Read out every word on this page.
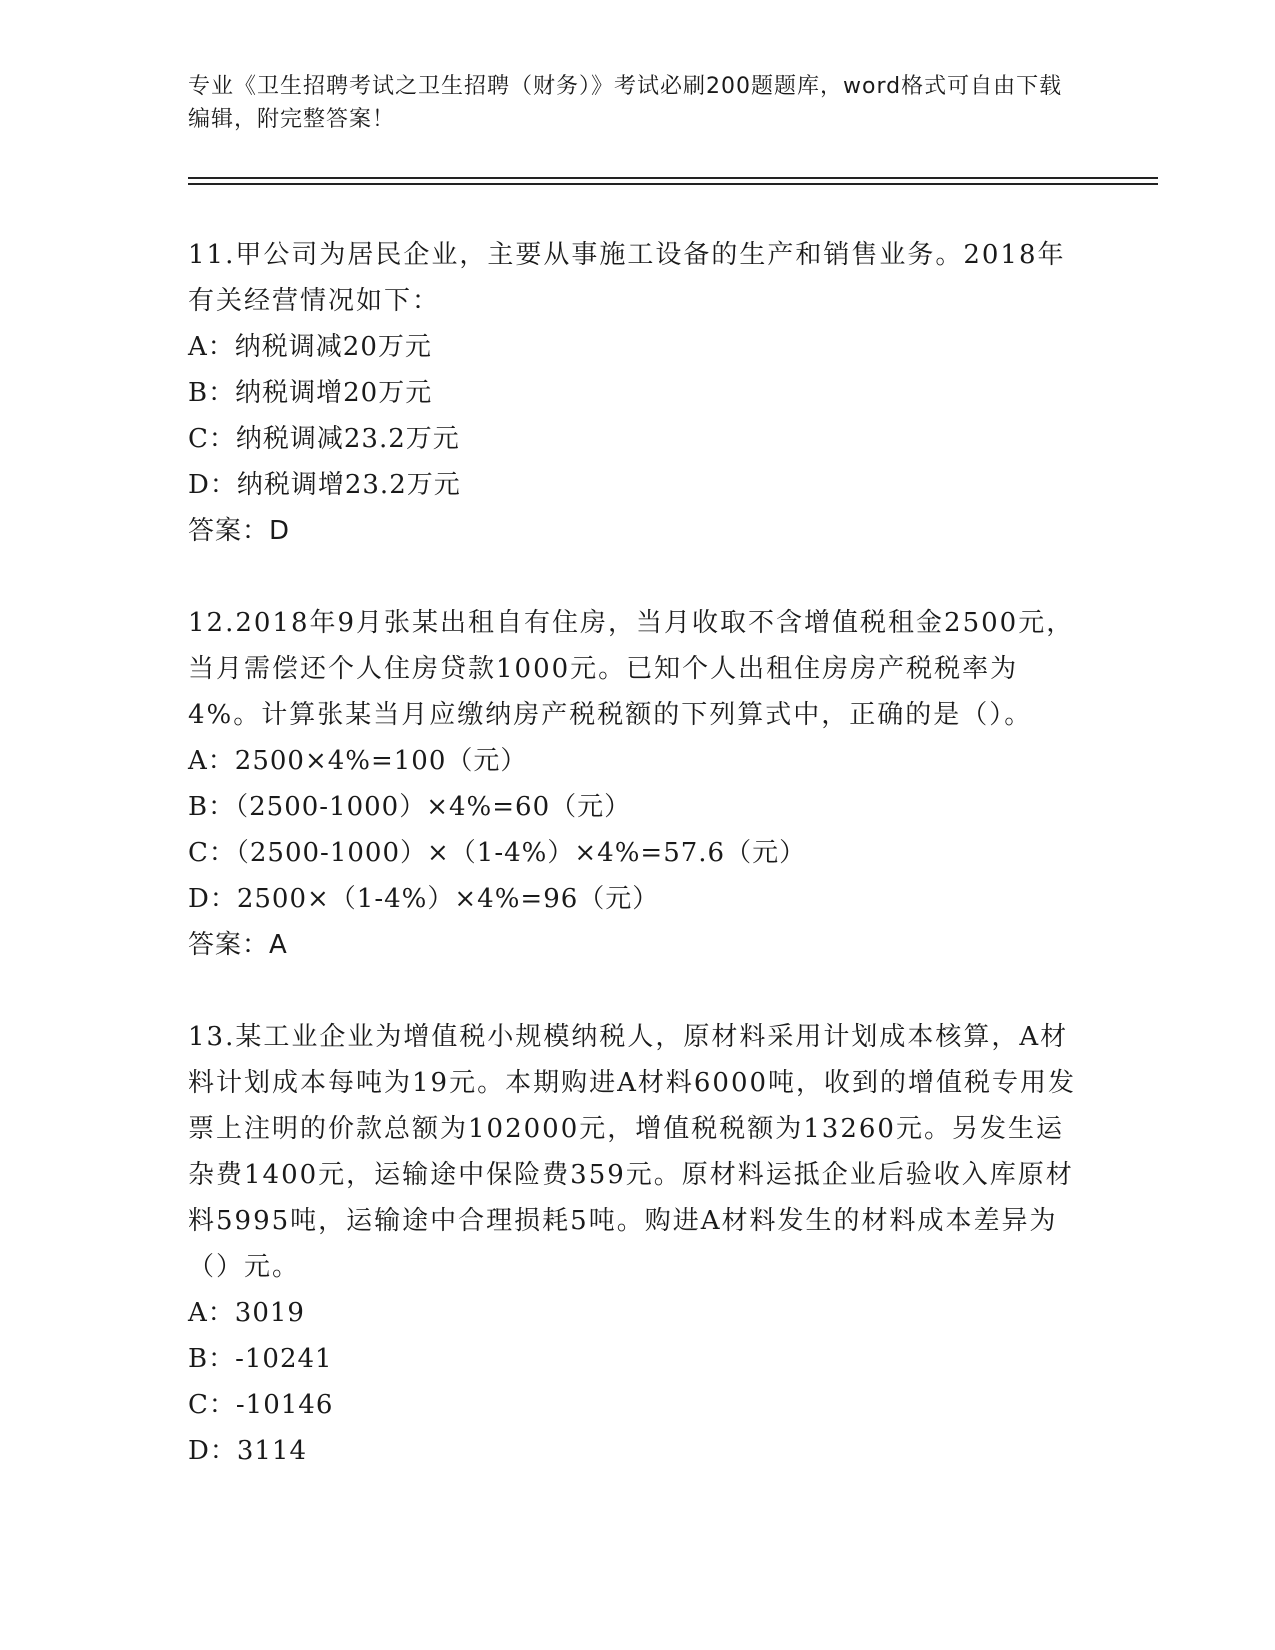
专业《卫生招聘考试之卫生招聘（财务）》考试必刷200题题库，word格式可自由下载编辑，附完整答案！
11.甲公司为居民企业，主要从事施工设备的生产和销售业务。2018年有关经营情况如下：
A：纳税调减20万元
B：纳税调增20万元
C：纳税调减23.2万元
D：纳税调增23.2万元
答案：D
12.2018年9月张某出租自有住房，当月收取不含增值税租金2500元，当月需偿还个人住房贷款1000元。已知个人出租住房房产税税率为4%。计算张某当月应缴纳房产税税额的下列算式中，正确的是（）。
A：2500×4%=100（元）
B：（2500-1000）×4%=60（元）
C：（2500-1000）×（1-4%）×4%=57.6（元）
D：2500×（1-4%）×4%=96（元）
答案：A
13.某工业企业为增值税小规模纳税人，原材料采用计划成本核算，A材料计划成本每吨为19元。本期购进A材料6000吨，收到的增值税专用发票上注明的价款总额为102000元，增值税税额为13260元。另发生运杂费1400元，运输途中保险费359元。原材料运抵企业后验收入库原材料5995吨，运输途中合理损耗5吨。购进A材料发生的材料成本差异为（）元。
A：3019
B：-10241
C：-10146
D：3114
